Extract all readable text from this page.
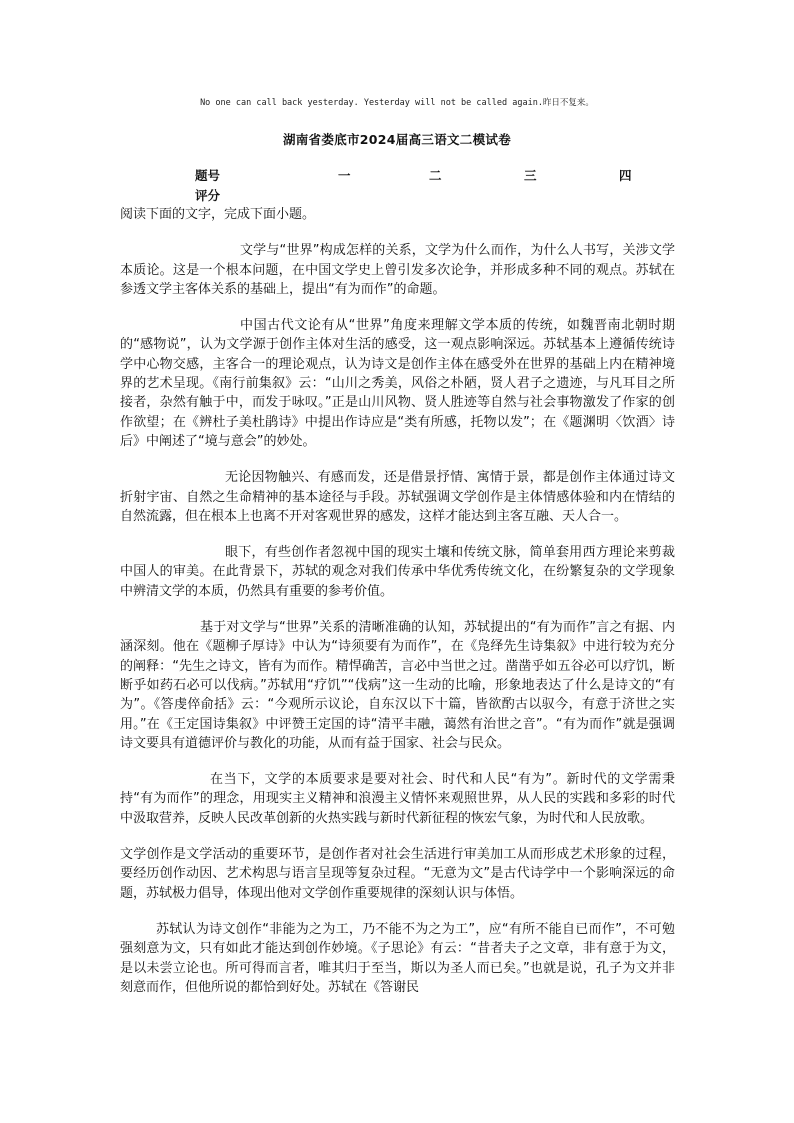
No one can call back yesterday. Yesterday will not be called again.昨日不复来。
湖南省娄底市2024届高三语文二模试卷
题号	一	二	三	四
评分

阅读下面的文字，完成下面小题。

文学与“世界”构成怎样的关系，文学为什么而作，为什么人书写，关涉文学本质论。这是一个根本问题，在中国文学史上曾引发多次论争，并形成多种不同的观点。苏轼在参透文学主客体关系的基础上，提出“有为而作”的命题。

中国古代文论有从“世界”角度来理解文学本质的传统，如魏晋南北朝时期的“感物说”，认为文学源于创作主体对生活的感受，这一观点影响深远。苏轼基本上遵循传统诗学中心物交感，主客合一的理论观点，认为诗文是创作主体在感受外在世界的基础上内在精神境界的艺术呈现。《南行前集叙》云：“山川之秀美，风俗之朴陋，贤人君子之遗迹，与凡耳目之所接者，杂然有触于中，而发于咏叹。”正是山川风物、贤人胜迹等自然与社会事物激发了作家的创作欲望；在《辨杜子美杜鹃诗》中提出作诗应是“类有所感，托物以发”；在《题渊明〈饮酒〉诗后》中阐述了“境与意会”的妙处。

无论因物触兴、有感而发，还是借景抒情、寓情于景，都是创作主体通过诗文折射宇宙、自然之生命精神的基本途径与手段。苏轼强调文学创作是主体情感体验和内在情结的自然流露，但在根本上也离不开对客观世界的感发，这样才能达到主客互融、天人合一。

眼下，有些创作者忽视中国的现实土壤和传统文脉，简单套用西方理论来剪裁中国人的审美。在此背景下，苏轼的观念对我们传承中华优秀传统文化，在纷繁复杂的文学现象中辨清文学的本质，仍然具有重要的参考价值。

基于对文学与“世界”关系的清晰准确的认知，苏轼提出的“有为而作”言之有据、内涵深刻。他在《题柳子厚诗》中认为“诗须要有为而作”，在《凫绎先生诗集叙》中进行较为充分的阐释：“先生之诗文，皆有为而作。精悍确苦，言必中当世之过。凿凿乎如五谷必可以疗饥，断断乎如药石必可以伐病。”苏轼用“疗饥”“伐病”这一生动的比喻，形象地表达了什么是诗文的“有为”。《答虔倅俞括》云：“今观所示议论，自东汉以下十篇，皆欲酌古以驭今，有意于济世之实用。”在《王定国诗集叙》中评赞王定国的诗“清平丰融，蔼然有治世之音”。“有为而作”就是强调诗文要具有道德评价与教化的功能，从而有益于国家、社会与民众。

在当下，文学的本质要求是要对社会、时代和人民“有为”。新时代的文学需秉持“有为而作”的理念，用现实主义精神和浪漫主义情怀来观照世界，从人民的实践和多彩的时代中汲取营养，反映人民改革创新的火热实践与新时代新征程的恢宏气象，为时代和人民放歌。

文学创作是文学活动的重要环节，是创作者对社会生活进行审美加工从而形成艺术形象的过程，要经历创作动因、艺术构思与语言呈现等复杂过程。“无意为文”是古代诗学中一个影响深远的命题，苏轼极力倡导，体现出他对文学创作重要规律的深刻认识与体悟。

苏轼认为诗文创作“非能为之为工，乃不能不为之为工”，应“有所不能自已而作”，不可勉强刻意为文，只有如此才能达到创作妙境。《子思论》有云：“昔者夫子之文章，非有意于为文，是以未尝立论也。所可得而言者，唯其归于至当，斯以为圣人而已矣。”也就是说，孔子为文并非刻意而作，但他所说的都恰到好处。苏轼在《答谢民
